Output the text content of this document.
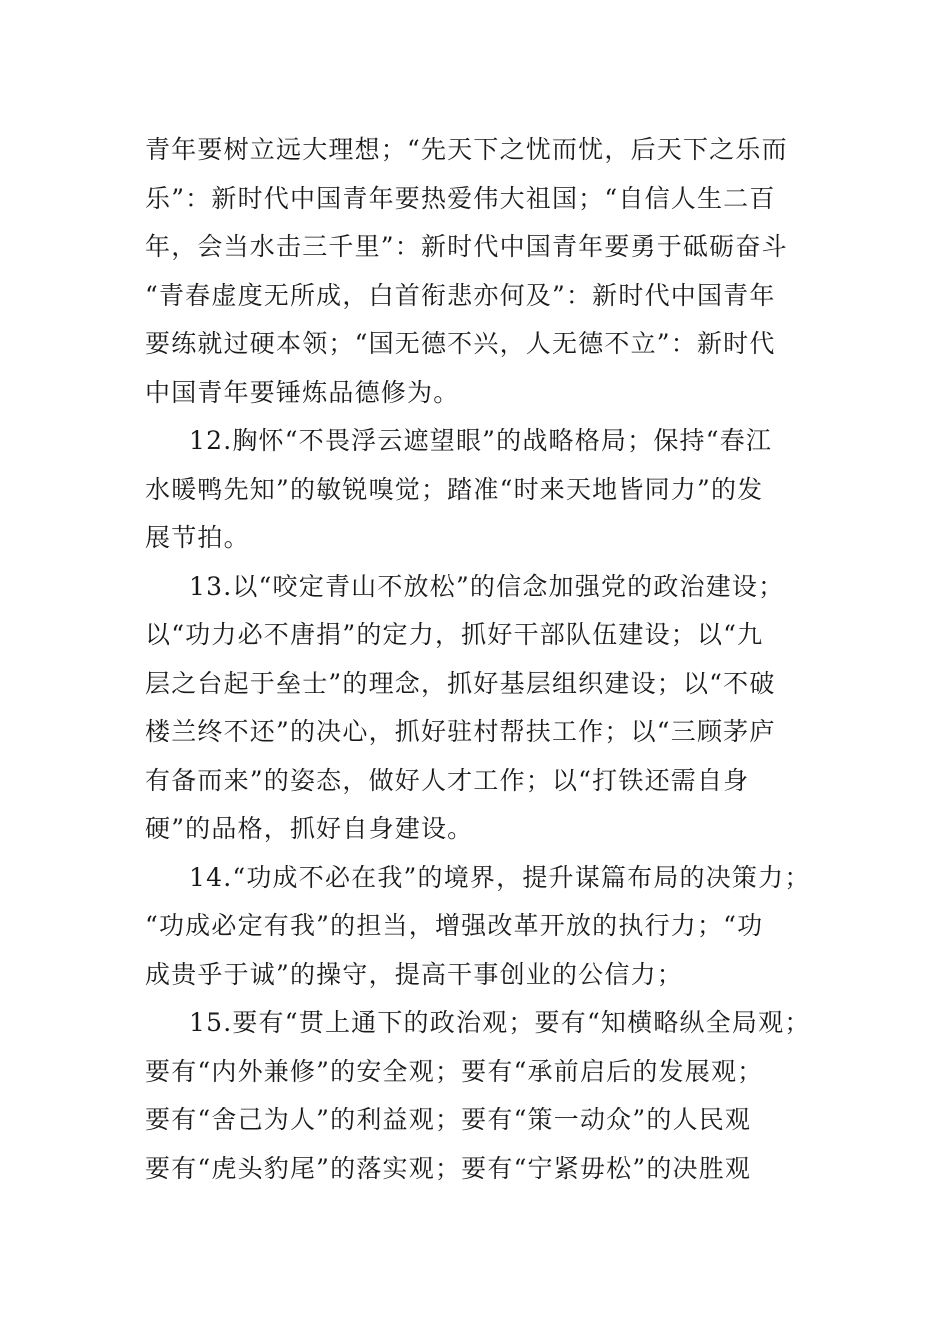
青年要树立远大理想；“先天下之忧而忧，后天下之乐而
乐”：新时代中国青年要热爱伟大祖国；“自信人生二百
年，会当水击三千里”：新时代中国青年要勇于砥砺奋斗
“青春虚度无所成，白首衔悲亦何及”：新时代中国青年
要练就过硬本领；“国无德不兴，人无德不立”：新时代
中国青年要锤炼品德修为。
12.胸怀“不畏浮云遮望眼”的战略格局；保持“春江
水暖鸭先知”的敏锐嗅觉；踏准“时来天地皆同力”的发
展节拍。
13.以“咬定青山不放松”的信念加强党的政治建设；
以“功力必不唐捐”的定力，抓好干部队伍建设；以“九
层之台起于垒士”的理念，抓好基层组织建设；以“不破
楼兰终不还”的决心，抓好驻村帮扶工作；以“三顾茅庐
有备而来”的姿态，做好人才工作；以“打铁还需自身
硬”的品格，抓好自身建设。
14.“功成不必在我”的境界，提升谋篇布局的决策力；
“功成必定有我”的担当，增强改革开放的执行力；“功
成贵乎于诚”的操守，提高干事创业的公信力；
15.要有“贯上通下的政治观；要有“知横略纵全局观；
要有“内外兼修”的安全观；要有“承前启后的发展观；
要有“舍己为人”的利益观；要有“策一动众”的人民观
要有“虎头豹尾”的落实观；要有“宁紧毋松”的决胜观
